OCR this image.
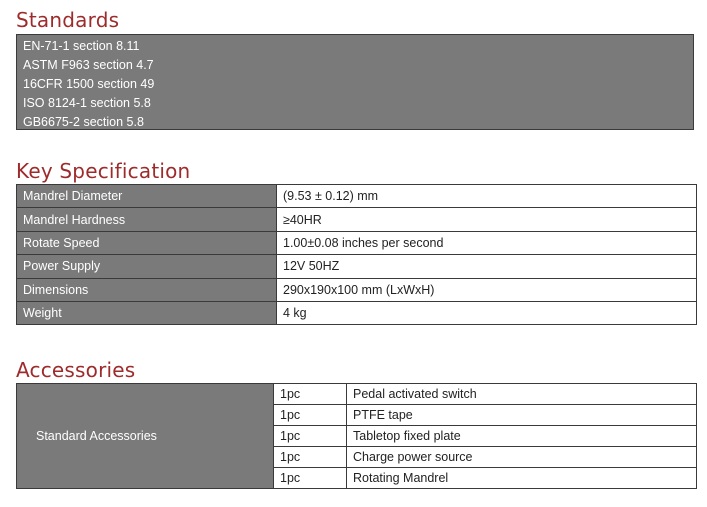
Standards
EN-71-1 section 8.11
ASTM F963 section 4.7
16CFR 1500 section 49
ISO 8124-1 section 5.8
GB6675-2 section 5.8
Key Specification
Mandrel Diameter	(9.53 ± 0.12) mm
Mandrel Hardness	≥40HR
Rotate Speed	1.00±0.08 inches per second
Power Supply	12V 50HZ
Dimensions	290x190x100 mm (LxWxH)
Weight	4 kg
Accessories
Standard Accessories	1pc	Pedal activated switch
	1pc	PTFE tape
	1pc	Tabletop fixed plate
	1pc	Charge power source
	1pc	Rotating Mandrel
